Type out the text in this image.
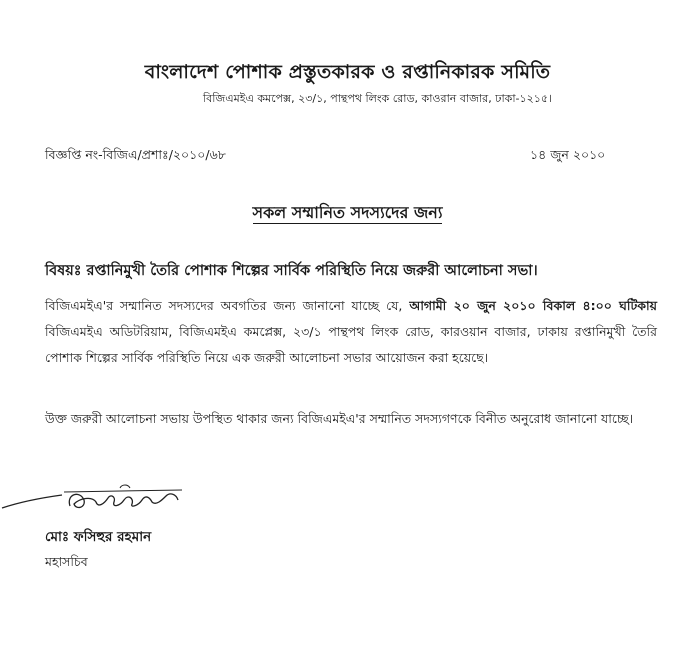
বাংলাদেশ পোশাক প্রস্তুতকারক ও রপ্তানিকারক সমিতি
বিজিএমইএ কমপেক্স, ২৩/১, পান্থপথ লিংক রোড, কাওরান বাজার, ঢাকা-১২১৫।
বিজ্ঞপ্তি নং-বিজিএ/প্রশাঃ/২০১০/৬৮	১৪ জুন ২০১০
সকল সম্মানিত সদস্যদের জন্য
বিষয়ঃ রপ্তানিমুখী তৈরি পোশাক শিল্পের সার্বিক পরিস্থিতি নিয়ে জরুরী আলোচনা সভা।
বিজিএমইএ'র সম্মানিত সদস্যদের অবগতির জন্য জানানো যাচ্ছে যে, আগামী ২০ জুন ২০১০ বিকাল ৪:০০ ঘটিকায় বিজিএমইএ অডিটরিয়াম, বিজিএমইএ কমপ্লেক্স, ২৩/১ পান্থপথ লিংক রোড, কারওয়ান বাজার, ঢাকায় রপ্তানিমুখী তৈরি পোশাক শিল্পের সার্বিক পরিস্থিতি নিয়ে এক জরুরী আলোচনা সভার আয়োজন করা হয়েছে।
উক্ত জরুরী আলোচনা সভায় উপস্থিত থাকার জন্য বিজিএমইএ'র সম্মানিত সদস্যগণকে বিনীত অনুরোধ জানানো যাচ্ছে।
মোঃ ফসিহুর রহমান
মহাসচিব
